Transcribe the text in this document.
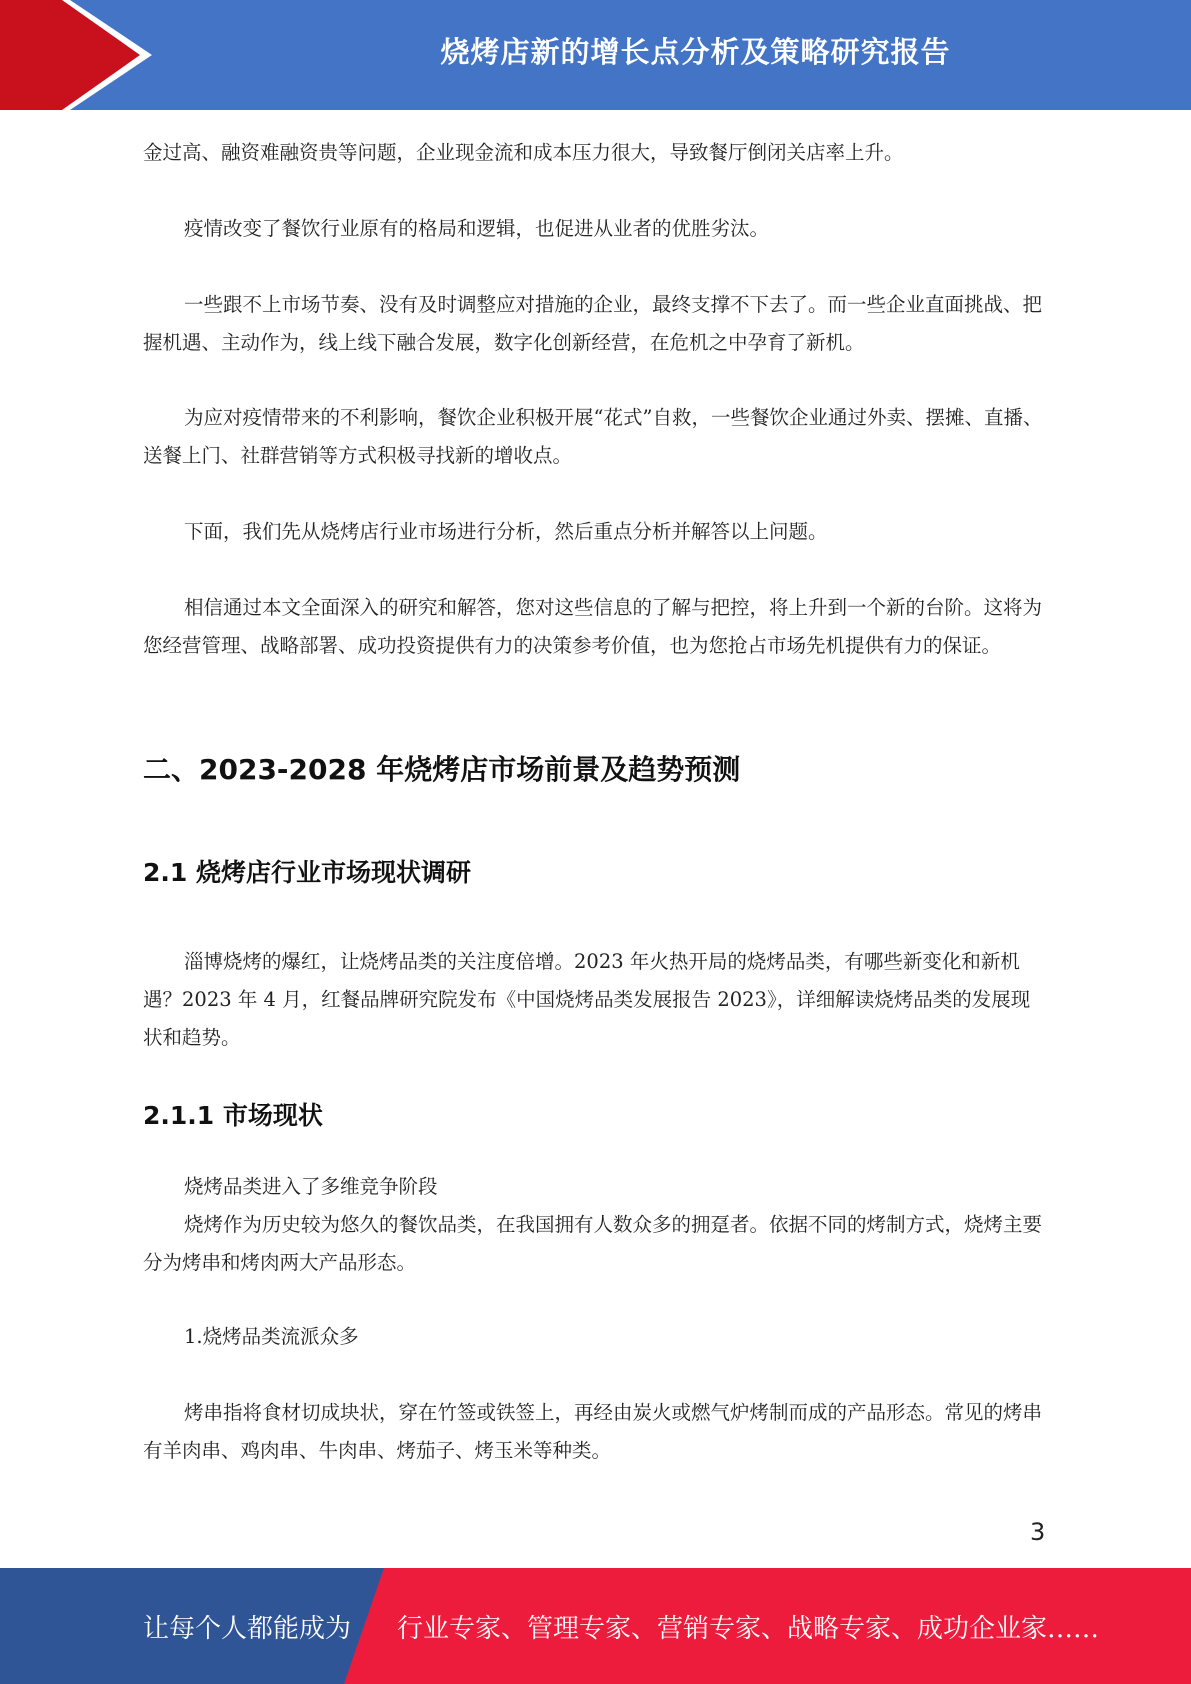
烧烤店新的增长点分析及策略研究报告

金过高、融资难融资贵等问题，企业现金流和成本压力很大，导致餐厅倒闭关店率上升。

疫情改变了餐饮行业原有的格局和逻辑，也促进从业者的优胜劣汰。

一些跟不上市场节奏、没有及时调整应对措施的企业，最终支撑不下去了。而一些企业直面挑战、把握机遇、主动作为，线上线下融合发展，数字化创新经营，在危机之中孕育了新机。

为应对疫情带来的不利影响，餐饮企业积极开展“花式”自救，一些餐饮企业通过外卖、摆摊、直播、送餐上门、社群营销等方式积极寻找新的增收点。

下面，我们先从烧烤店行业市场进行分析，然后重点分析并解答以上问题。

相信通过本文全面深入的研究和解答，您对这些信息的了解与把控，将上升到一个新的台阶。这将为您经营管理、战略部署、成功投资提供有力的决策参考价值，也为您抢占市场先机提供有力的保证。

二、2023-2028 年烧烤店市场前景及趋势预测
2.1 烧烤店行业市场现状调研

淄博烧烤的爆红，让烧烤品类的关注度倍增。2023 年火热开局的烧烤品类，有哪些新变化和新机遇？2023 年 4 月，红餐品牌研究院发布《中国烧烤品类发展报告 2023》，详细解读烧烤品类的发展现状和趋势。

2.1.1 市场现状

烧烤品类进入了多维竞争阶段

烧烤作为历史较为悠久的餐饮品类，在我国拥有人数众多的拥趸者。依据不同的烤制方式，烧烤主要分为烤串和烤肉两大产品形态。

1.烧烤品类流派众多

烤串指将食材切成块状，穿在竹签或铁签上，再经由炭火或燃气炉烤制而成的产品形态。常见的烤串有羊肉串、鸡肉串、牛肉串、烤茄子、烤玉米等种类。

3
让每个人都能成为 行业专家、管理专家、营销专家、战略专家、成功企业家……
